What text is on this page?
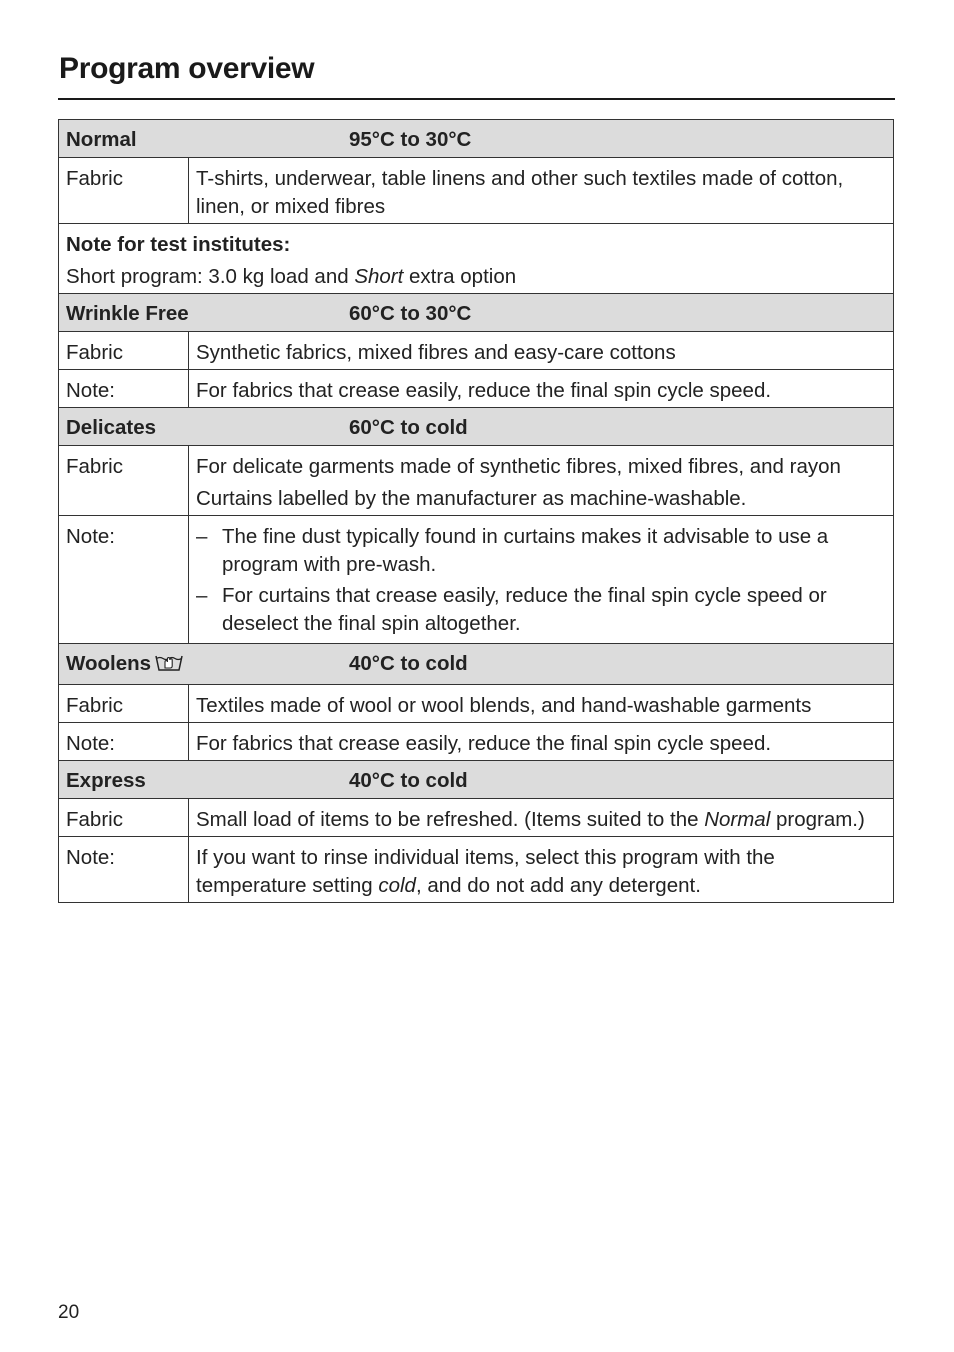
Program overview
Normal 95°C to 30°C	
Fabric	T-shirts, underwear, table linens and other such textiles made of cotton, linen, or mixed fibres

Note for test institutes:
Short program: 3.0 kg load and Short extra option	

Wrinkle Free 60°C to 30°C	
Fabric	Synthetic fabrics, mixed fibres and easy-care cottons
Note:	For fabrics that crease easily, reduce the final spin cycle speed.
Delicates 60°C to cold	
Fabric	For delicate garments made of synthetic fibres, mixed fibres, and rayon
Curtains labelled by the manufacturer as machine-washable.

Note:	– The fine dust typically found in curtains makes it advisable to use a program with pre-wash.
– For curtains that crease easily, reduce the final spin cycle speed or deselect the final spin altogether.

Woolens 40°C to cold	
Fabric	Textiles made of wool or wool blends, and hand-washable garments
Note:	For fabrics that crease easily, reduce the final spin cycle speed.
Express 40°C to cold	
Fabric	Small load of items to be refreshed. (Items suited to the Normal program.)
Note:	If you want to rinse individual items, select this program with the temperature setting cold, and do not add any detergent.
20
